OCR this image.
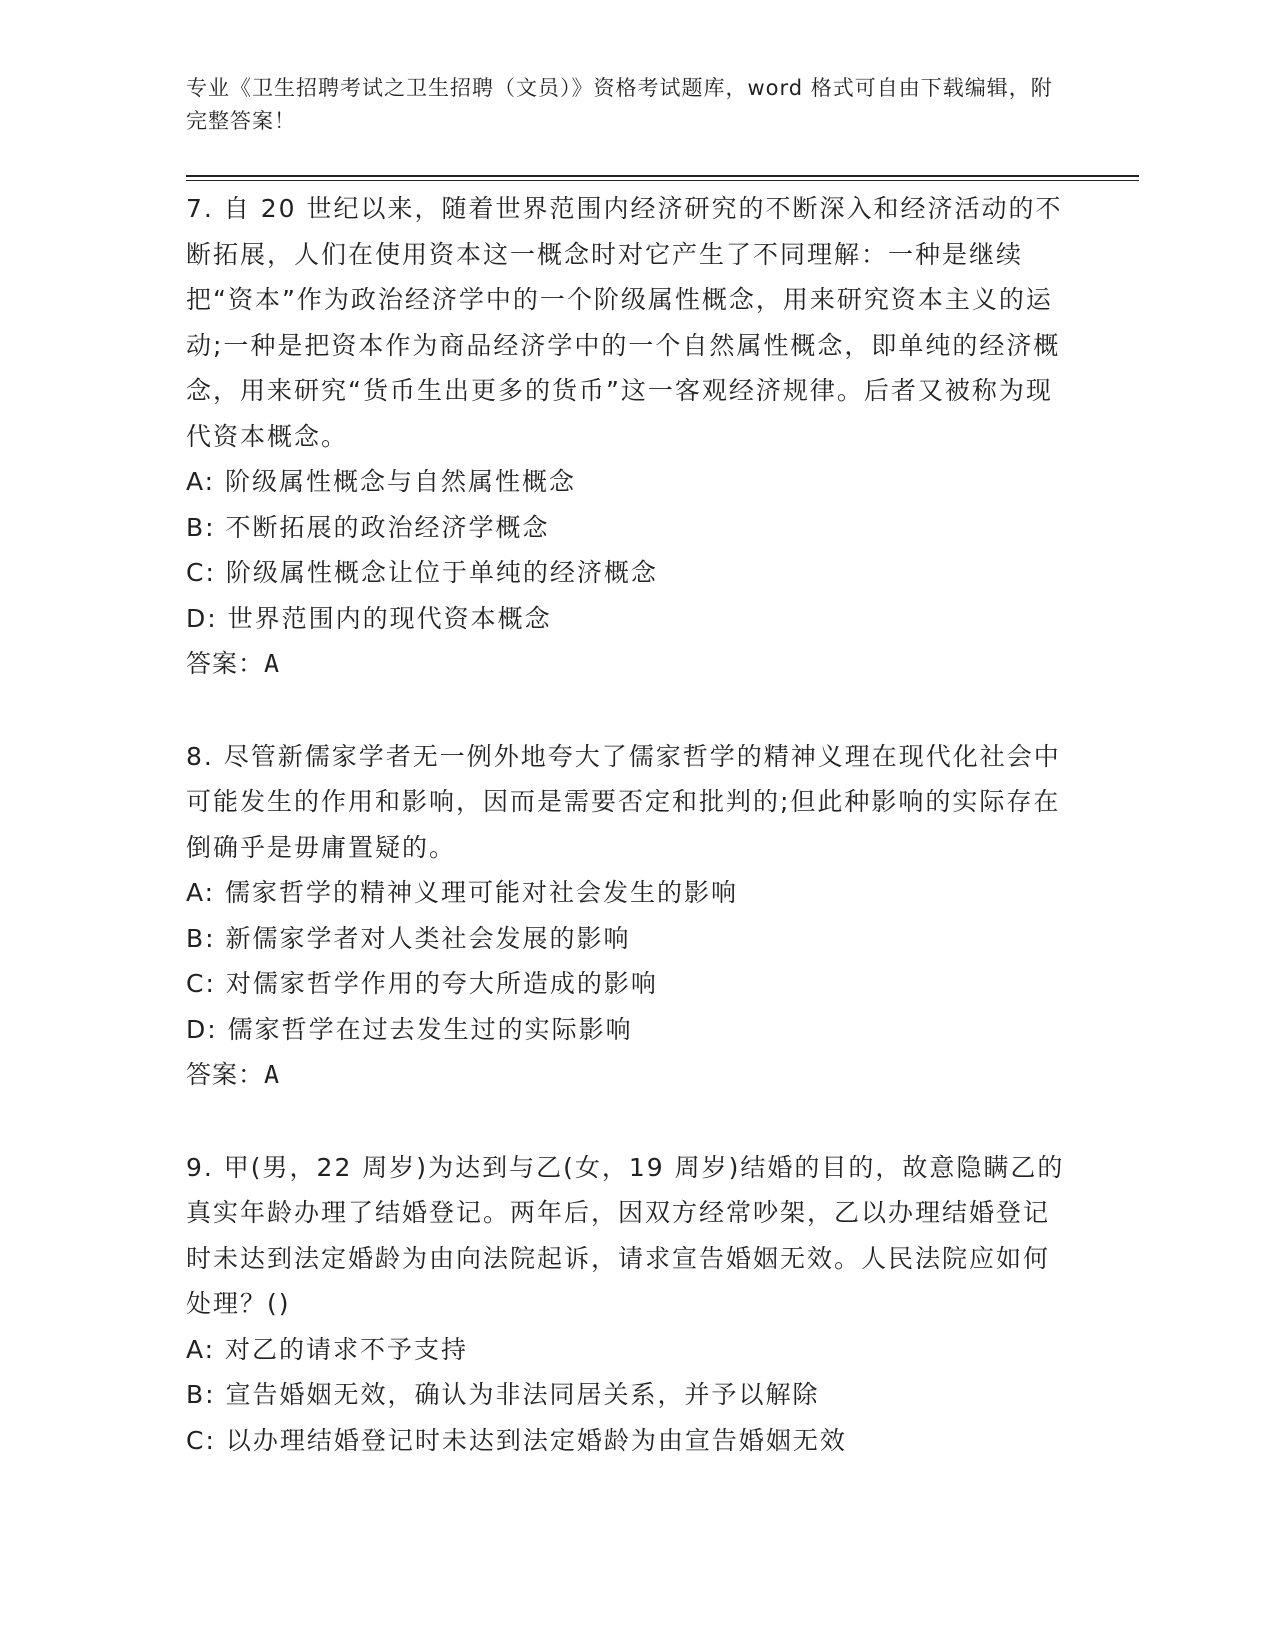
专业《卫生招聘考试之卫生招聘（文员）》资格考试题库，word 格式可自由下载编辑，附完整答案！

7. 自 20 世纪以来，随着世界范围内经济研究的不断深入和经济活动的不断拓展，人们在使用资本这一概念时对它产生了不同理解：一种是继续把“资本”作为政治经济学中的一个阶级属性概念，用来研究资本主义的运动;一种是把资本作为商品经济学中的一个自然属性概念，即单纯的经济概念，用来研究“货币生出更多的货币”这一客观经济规律。后者又被称为现代资本概念。

A: 阶级属性概念与自然属性概念

B: 不断拓展的政治经济学概念

C: 阶级属性概念让位于单纯的经济概念

D: 世界范围内的现代资本概念

答案：A

8. 尽管新儒家学者无一例外地夸大了儒家哲学的精神义理在现代化社会中可能发生的作用和影响，因而是需要否定和批判的;但此种影响的实际存在倒确乎是毋庸置疑的。

A: 儒家哲学的精神义理可能对社会发生的影响

B: 新儒家学者对人类社会发展的影响

C: 对儒家哲学作用的夸大所造成的影响

D: 儒家哲学在过去发生过的实际影响

答案：A

9. 甲(男，22 周岁)为达到与乙(女，19 周岁)结婚的目的，故意隐瞒乙的真实年龄办理了结婚登记。两年后，因双方经常吵架，乙以办理结婚登记时未达到法定婚龄为由向法院起诉，请求宣告婚姻无效。人民法院应如何处理？()

A: 对乙的请求不予支持

B: 宣告婚姻无效，确认为非法同居关系，并予以解除

C: 以办理结婚登记时未达到法定婚龄为由宣告婚姻无效
